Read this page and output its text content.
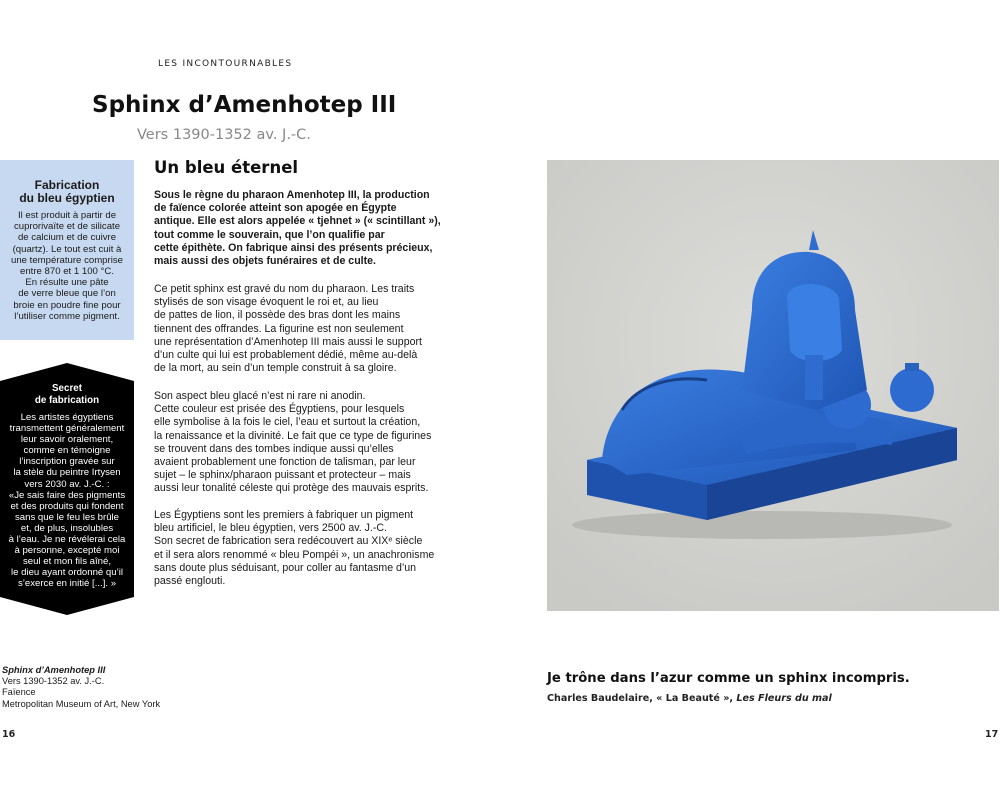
LES INCONTOURNABLES
Sphinx d’Amenhotep III
Vers 1390-1352 av. J.-C.
Fabrication
du bleu égyptien
Il est produit à partir de
cuprorivaïte et de silicate
de calcium et de cuivre
(quartz). Le tout est cuit à
une température comprise
entre 870 et 1 100 °C.
En résulte une pâte
de verre bleue que l’on
broie en poudre fine pour
l’utiliser comme pigment.
Secret
de fabrication
Les artistes égyptiens
transmettent généralement
leur savoir oralement,
comme en témoigne
l’inscription gravée sur
la stèle du peintre Irtysen
vers 2030 av. J.-C. :
«Je sais faire des pigments
et des produits qui fondent
sans que le feu les brûle
et, de plus, insolubles
à l’eau. Je ne révélerai cela
à personne, excepté moi
seul et mon fils aîné,
le dieu ayant ordonné qu’il
s’exerce en initié [...]. »
Un bleu éternel
Sous le règne du pharaon Amenhotep III, la production
de faïence colorée atteint son apogée en Égypte
antique. Elle est alors appelée « tjehnet » (« scintillant »),
tout comme le souverain, que l’on qualifie par
cette épithète. On fabrique ainsi des présents précieux,
mais aussi des objets funéraires et de culte.
Ce petit sphinx est gravé du nom du pharaon. Les traits
stylisés de son visage évoquent le roi et, au lieu
de pattes de lion, il possède des bras dont les mains
tiennent des offrandes. La figurine est non seulement
une représentation d’Amenhotep III mais aussi le support
d’un culte qui lui est probablement dédié, même au-delà
de la mort, au sein d’un temple construit à sa gloire.
Son aspect bleu glacé n’est ni rare ni anodin.
Cette couleur est prisée des Égyptiens, pour lesquels
elle symbolise à la fois le ciel, l’eau et surtout la création,
la renaissance et la divinité. Le fait que ce type de figurines
se trouvent dans des tombes indique aussi qu’elles
avaient probablement une fonction de talisman, par leur
sujet – le sphinx/pharaon puissant et protecteur – mais
aussi leur tonalité céleste qui protège des mauvais esprits.
Les Égyptiens sont les premiers à fabriquer un pigment
bleu artificiel, le bleu égyptien, vers 2500 av. J.-C.
Son secret de fabrication sera redécouvert au XIXᵉ siècle
et il sera alors renommé « bleu Pompéi », un anachronisme
sans doute plus séduisant, pour coller au fantasme d’un
passé englouti.
Sphinx d’Amenhotep III
Vers 1390-1352 av. J.-C.
Faïence
Metropolitan Museum of Art, New York
16	17
Je trône dans l’azur comme un sphinx incompris.
Charles Baudelaire, « La Beauté », Les Fleurs du mal
